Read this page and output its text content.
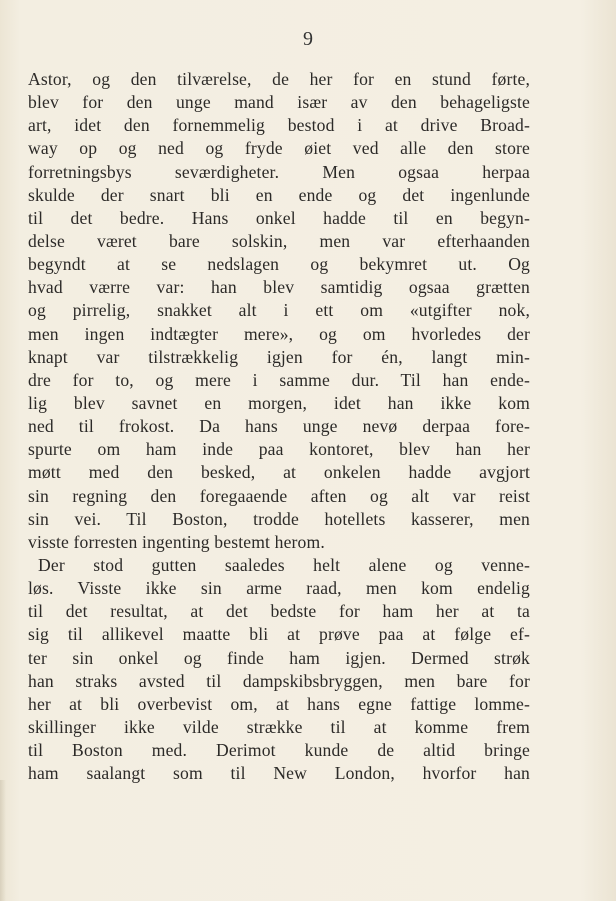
9
Astor, og den tilværelse, de her for en stund førte,
blev for den unge mand især av den behageligste
art, idet den fornemmelig bestod i at drive Broad-
way op og ned og fryde øiet ved alle den store
forretningsbys seværdigheter. Men ogsaa herpaa
skulde der snart bli en ende og det ingenlunde
til det bedre. Hans onkel hadde til en begyn-
delse været bare solskin, men var efterhaanden
begyndt at se nedslagen og bekymret ut. Og
hvad værre var: han blev samtidig ogsaa grætten
og pirrelig, snakket alt i ett om «utgifter nok,
men ingen indtægter mere», og om hvorledes der
knapt var tilstrækkelig igjen for én, langt min-
dre for to, og mere i samme dur. Til han ende-
lig blev savnet en morgen, idet han ikke kom
ned til frokost. Da hans unge nevø derpaa fore-
spurte om ham inde paa kontoret, blev han her
møtt med den besked, at onkelen hadde avgjort
sin regning den foregaaende aften og alt var reist
sin vei. Til Boston, trodde hotellets kasserer, men
visste forresten ingenting bestemt herom.
Der stod gutten saaledes helt alene og venne-
løs. Visste ikke sin arme raad, men kom endelig
til det resultat, at det bedste for ham her at ta
sig til allikevel maatte bli at prøve paa at følge ef-
ter sin onkel og finde ham igjen. Dermed strøk
han straks avsted til dampskibsbryggen, men bare for
her at bli overbevist om, at hans egne fattige lomme-
skillinger ikke vilde strække til at komme frem
til Boston med. Derimot kunde de altid bringe
ham saalangt som til New London, hvorfor han
